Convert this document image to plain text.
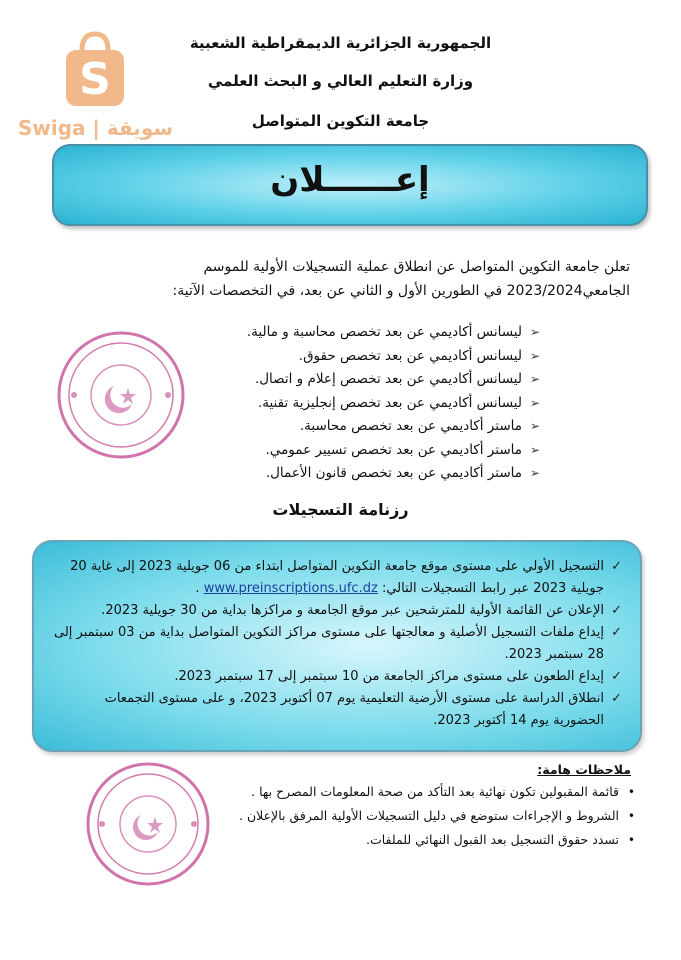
S
Swiga | سويقة
الجمهورية الجزائرية الديمقراطية الشعبية
وزارة التعليم العالي و البحث العلمي
جامعة التكوين المتواصل
إعــــــلان
تعلن جامعة التكوين المتواصل عن انطلاق عملية التسجيلات الأولية للموسم
الجامعي2023/2024 في الطورين الأول و الثاني عن بعد، في التخصصات الآتية:
➢ليسانس أكاديمي عن بعد تخصص محاسبة و مالية.
➢ليسانس أكاديمي عن بعد تخصص حقوق.
➢ليسانس أكاديمي عن بعد تخصص إعلام و اتصال.
➢ليسانس أكاديمي عن بعد تخصص إنجليزية تقنية.
➢ماستر أكاديمي عن بعد تخصص محاسبة.
➢ماستر أكاديمي عن بعد تخصص تسيير عمومي.
➢ماستر أكاديمي عن بعد تخصص قانون الأعمال.
رزنامة التسجيلات
✓
التسجيل الأولي على مستوى موقع جامعة التكوين المتواصل ابتداء من 06 جويلية 2023 إلى غاية 20 جويلية 2023 عبر رابط التسجيلات التالي: www.preinscriptions.ufc.dz .
✓
الإعلان عن القائمة الأولية للمترشحين عبر موقع الجامعة و مراكزها بداية من 30 جويلية 2023.
✓
إيداع ملفات التسجيل الأصلية و معالجتها على مستوى مراكز التكوين المتواصل بداية من 03 سبتمبر إلى 28 سبتمبر 2023.
✓
إيداع الطعون على مستوى مراكز الجامعة من 10 سبتمبر إلى 17 سبتمبر 2023.
✓
انطلاق الدراسة على مستوى الأرضية التعليمية يوم 07 أكتوبر 2023، و على مستوى التجمعات الحضورية يوم 14 أكتوبر 2023.
ملاحظات هامة:
•
قائمة المقبولين تكون نهائية بعد التأكد من صحة المعلومات المصرح بها .
•
الشروط و الإجراءات ستوضع في دليل التسجيلات الأولية المرفق بالإعلان .
•
تسدد حقوق التسجيل بعد القبول النهائي للملفات.
